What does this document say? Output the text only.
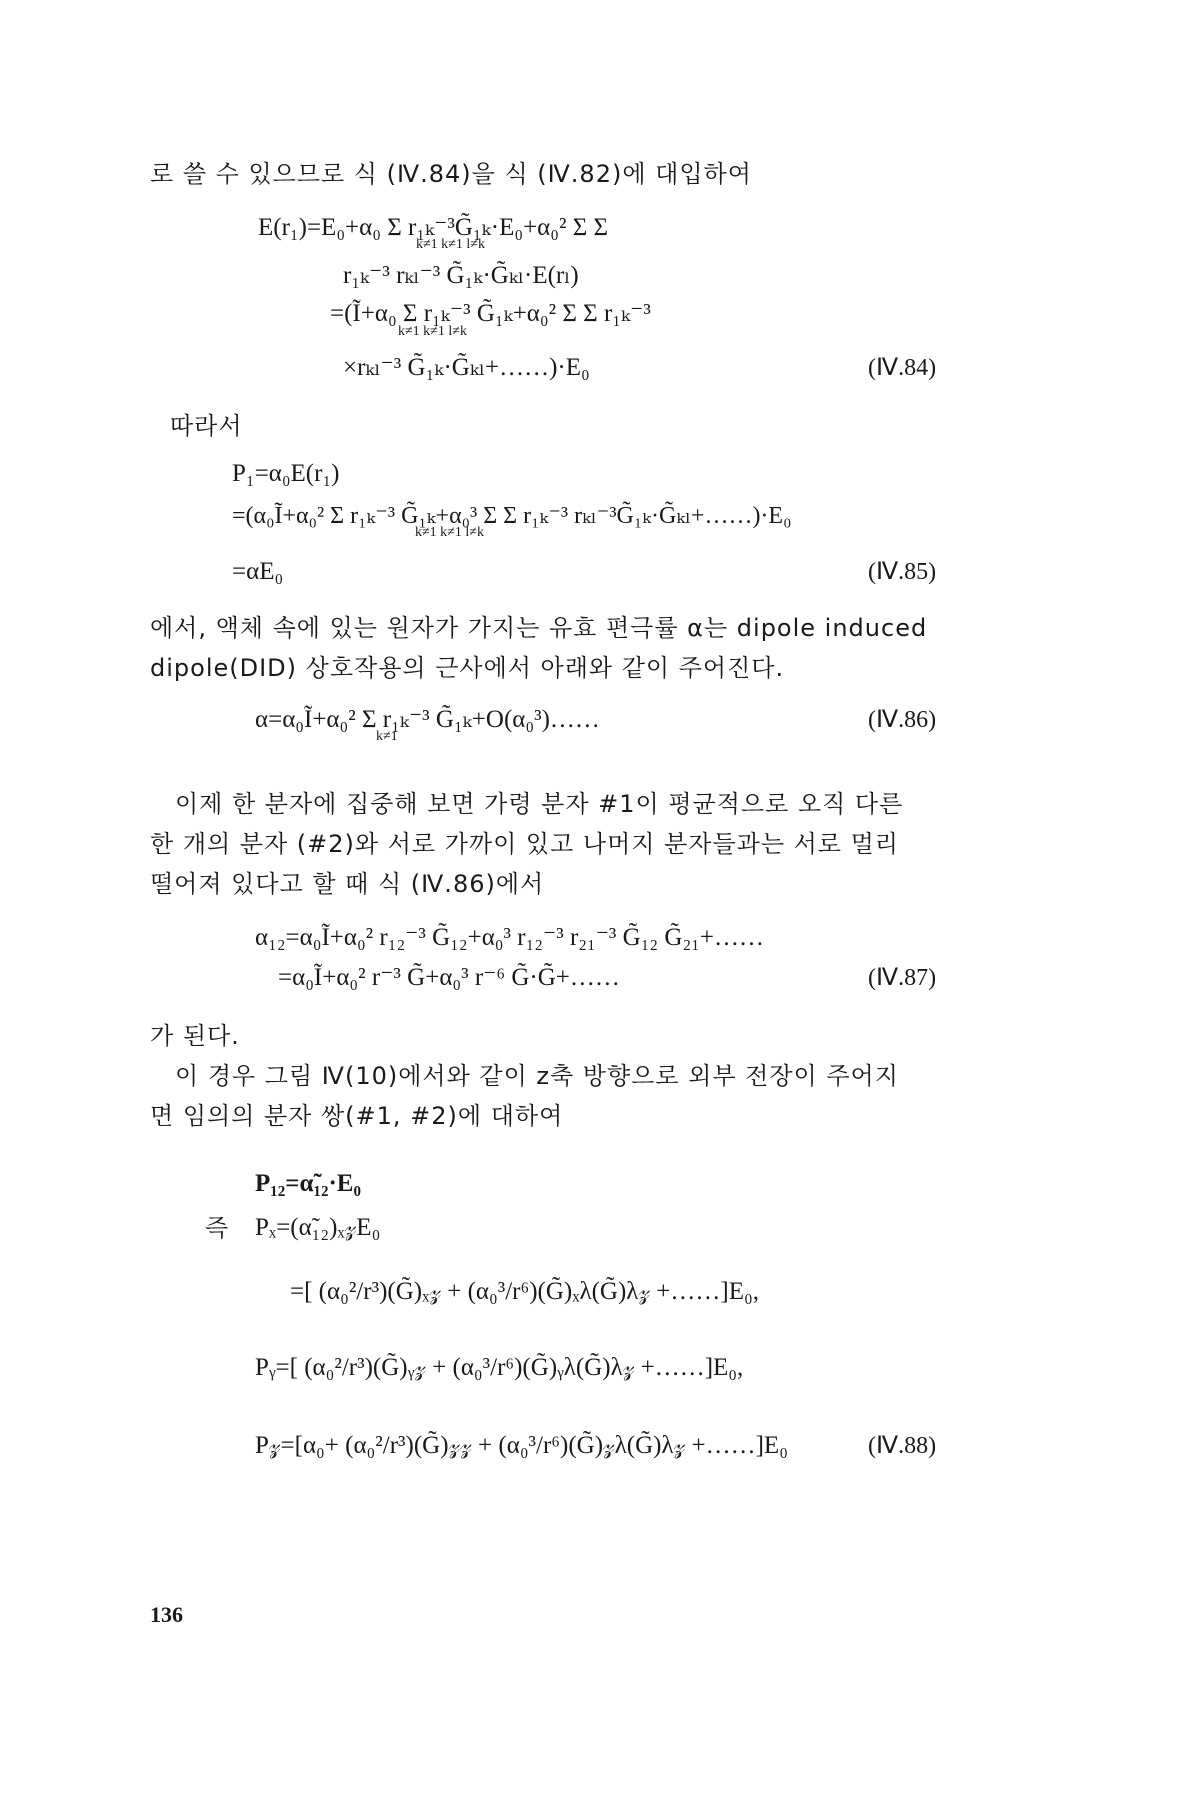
로 쓸 수 있으므로 식 (Ⅳ.84)을 식 (Ⅳ.82)에 대입하여
E(r₁)=E₀+α₀ Σ r₁ₖ⁻³G̃₁ₖ·E₀+α₀² Σ Σ
k≠1 k≠1 l≠k
r₁ₖ⁻³ rₖₗ⁻³ G̃₁ₖ·G̃ₖₗ·E(rₗ)
=(Ĩ+α₀ Σ r₁ₖ⁻³ G̃₁ₖ+α₀² Σ Σ r₁ₖ⁻³
k≠1 k≠1 l≠k
×rₖₗ⁻³ G̃₁ₖ·G̃ₖₗ+……)·E₀	(Ⅳ.84)
따라서
P₁=α₀E(r₁)
=(α₀Ĩ+α₀² Σ r₁ₖ⁻³ G̃₁ₖ+α₀³ Σ Σ r₁ₖ⁻³ rₖₗ⁻³G̃₁ₖ·G̃ₖₗ+……)·E₀
k≠1 k≠1 l≠k
=αE₀	(Ⅳ.85)
에서, 액체 속에 있는 원자가 가지는 유효 편극률 α는 dipole induced
dipole(DID) 상호작용의 근사에서 아래와 같이 주어진다.
α=α₀Ĩ+α₀² Σ r₁ₖ⁻³ G̃₁ₖ+O(α₀³)……
k≠1
(Ⅳ.86)
이제 한 분자에 집중해 보면 가령 분자 #1이 평균적으로 오직 다른
한 개의 분자 (#2)와 서로 가까이 있고 나머지 분자들과는 서로 멀리
떨어져 있다고 할 때 식 (Ⅳ.86)에서
α₁₂=α₀Ĩ+α₀² r₁₂⁻³ G̃₁₂+α₀³ r₁₂⁻³ r₂₁⁻³ G̃₁₂ G̃₂₁+……
=α₀Ĩ+α₀² r⁻³ G̃+α₀³ r⁻⁶ G̃·G̃+……	(Ⅳ.87)
가 된다.
이 경우 그림 Ⅳ(10)에서와 같이 z축 방향으로 외부 전장이 주어지
면 임의의 분자 쌍(#1, #2)에 대하여
P₁₂=α̃₁₂·E₀
즉 Pₓ=(α̃₁₂)ₓ𝓏E₀
=[ (α₀²/r³)(G̃)ₓ𝓏 + (α₀³/r⁶)(G̃)ₓλ(G̃)λ𝓏 +……]E₀,
Pᵧ=[ (α₀²/r³)(G̃)ᵧ𝓏 + (α₀³/r⁶)(G̃)ᵧλ(G̃)λ𝓏 +……]E₀,
P𝓏=[α₀+ (α₀²/r³)(G̃)𝓏𝓏 + (α₀³/r⁶)(G̃)𝓏λ(G̃)λ𝓏 +……]E₀	(Ⅳ.88)
136
